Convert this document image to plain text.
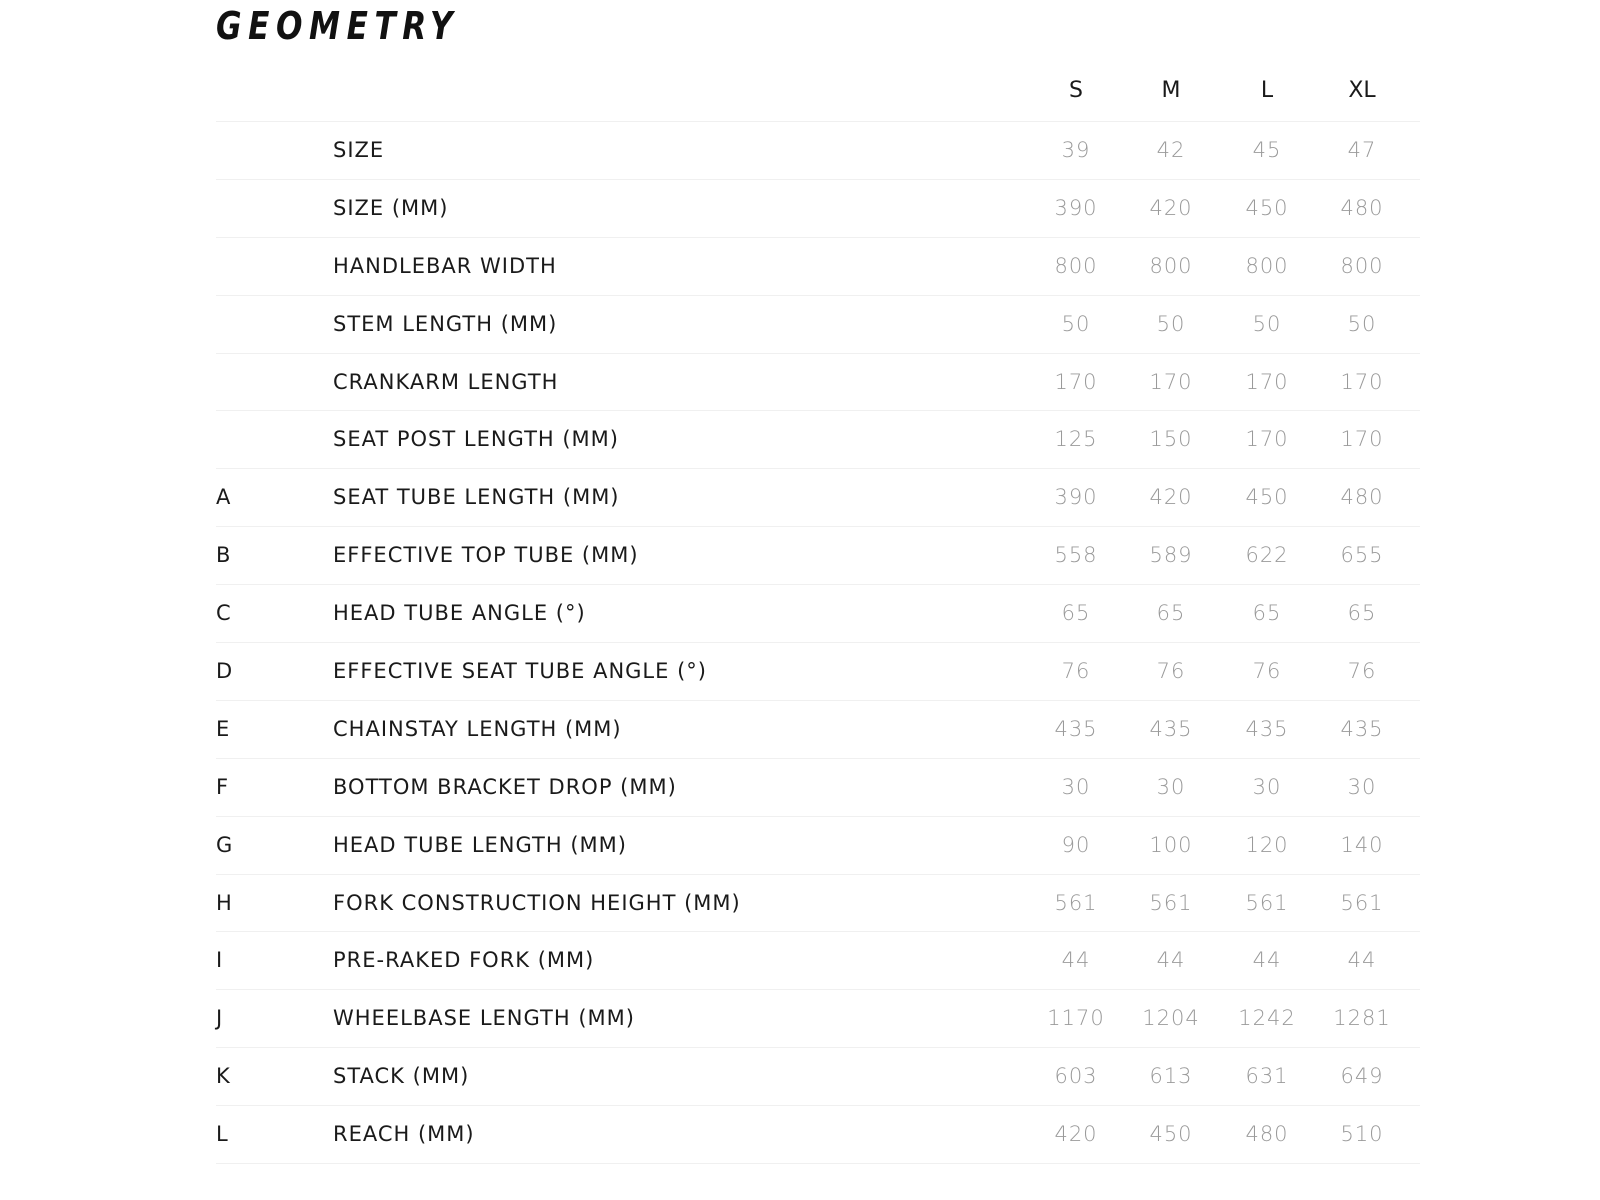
GEOMETRY
S	M	L	XL
SIZE	39	42	45	47
SIZE (MM)	390	420	450	480
HANDLEBAR WIDTH	800	800	800	800
STEM LENGTH (MM)	50	50	50	50
CRANKARM LENGTH	170	170	170	170
SEAT POST LENGTH (MM)	125	150	170	170
A	SEAT TUBE LENGTH (MM)	390	420	450	480
B	EFFECTIVE TOP TUBE (MM)	558	589	622	655
C	HEAD TUBE ANGLE (°)	65	65	65	65
D	EFFECTIVE SEAT TUBE ANGLE (°)	76	76	76	76
E	CHAINSTAY LENGTH (MM)	435	435	435	435
F	BOTTOM BRACKET DROP (MM)	30	30	30	30
G	HEAD TUBE LENGTH (MM)	90	100	120	140
H	FORK CONSTRUCTION HEIGHT (MM)	561	561	561	561
I	PRE-RAKED FORK (MM)	44	44	44	44
J	WHEELBASE LENGTH (MM)	1170	1204	1242	1281
K	STACK (MM)	603	613	631	649
L	REACH (MM)	420	450	480	510
